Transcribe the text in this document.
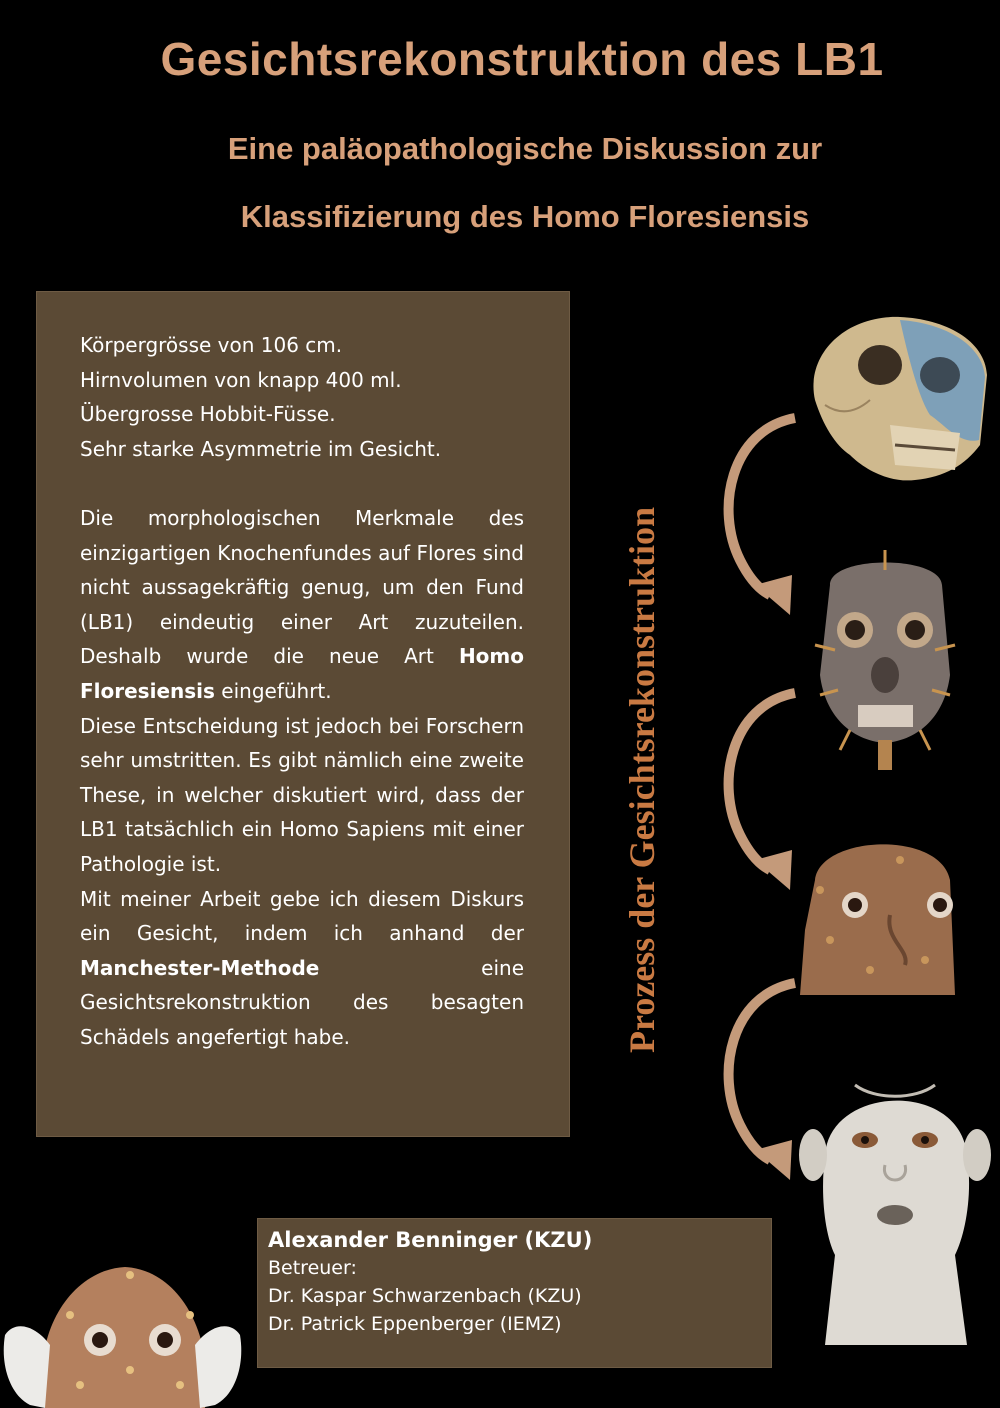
Gesichtsrekonstruktion des LB1
Eine paläopathologische Diskussion zur
Klassifizierung des Homo Floresiensis

Körpergrösse von 106 cm.

Hirnvolumen von knapp 400 ml.

Übergrosse Hobbit-Füsse.

Sehr starke Asymmetrie im Gesicht.

Die morphologischen Merkmale des einzigartigen Knochenfundes auf Flores sind nicht aussagekräftig genug, um den Fund (LB1) eindeutig einer Art zuzuteilen. Deshalb wurde die neue Art Homo Floresiensis eingeführt.

Diese Entscheidung ist jedoch bei Forschern sehr umstritten. Es gibt nämlich eine zweite These, in welcher diskutiert wird, dass der LB1 tatsächlich ein Homo Sapiens mit einer Pathologie ist.

Mit meiner Arbeit gebe ich diesem Diskurs ein Gesicht, indem ich anhand der Manchester-Methode eine Gesichtsrekonstruktion des besagten Schädels angefertigt habe.	Prozess der Gesichtsrekonstruktion
Alexander Benninger (KZU)
Betreuer:
Dr. Kaspar Schwarzenbach (KZU)
Dr. Patrick Eppenberger (IEMZ)
